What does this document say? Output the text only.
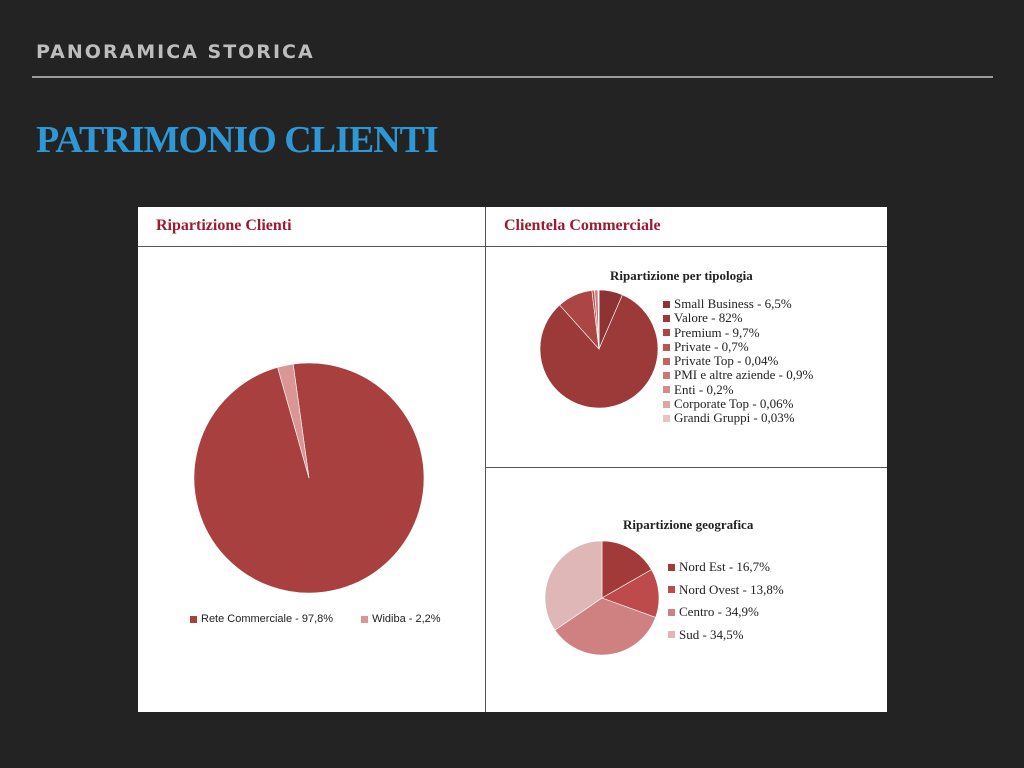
PANORAMICA STORICA
PATRIMONIO CLIENTI
Ripartizione Clienti	Clientela Commerciale
Rete Commerciale - 97,8%	Widiba - 2,2%
Ripartizione per tipologia
Small Business - 6,5%
Valore - 82%
Premium - 9,7%
Private - 0,7%
Private Top - 0,04%
PMI e altre aziende - 0,9%
Enti - 0,2%
Corporate Top - 0,06%
Grandi Gruppi - 0,03%
Ripartizione geografica
Nord Est - 16,7%
Nord Ovest - 13,8%
Centro - 34,9%
Sud - 34,5%
